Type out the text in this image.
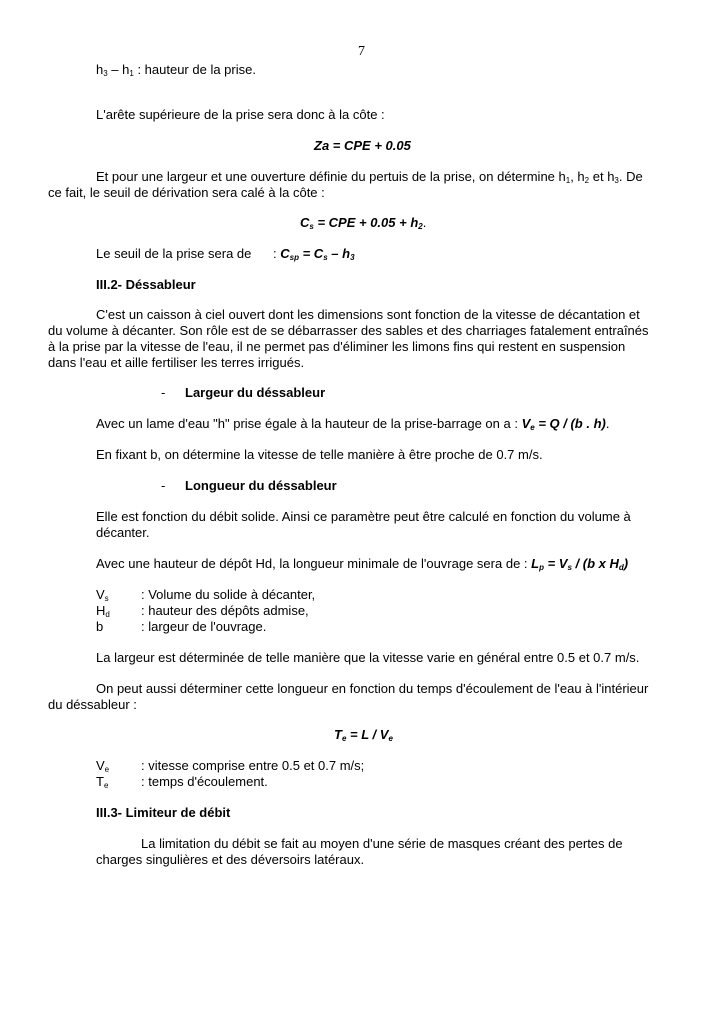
7
$h_3 - h_1$ : hauteur de la prise.
L'arête supérieure de la prise sera donc à la côte :
Za = CPE + 0.05
Et pour une largeur et une ouverture définie du pertuis de la prise, on détermine $h_1$, $h_2$ et $h_3$. De
ce fait, le seuil de dérivation sera calé à la côte :
$C_s$ = CPE + $0.05 + h_2$.
Le seuil de la prise sera de : $C_{sp} = C_s - h_3$
III.2- Déssableur
C'est un caisson à ciel ouvert dont les dimensions sont fonction de la vitesse de décantation et
du volume à décanter. Son rôle est de se débarrasser des sables et des charriages fatalement entraînés
à la prise par la vitesse de l'eau, il ne permet pas d'éliminer les limons fins qui restent en suspension
dans l'eau et aille fertiliser les terres irrigués.
- Largeur du déssableur
Avec un lame d'eau "h" prise égale à la hauteur de la prise-barrage on a : $V_e = Q / (b$ . h).
En fixant b, on détermine la vitesse de telle manière à être proche de 0.7 m/s.
- Longueur du déssableur
Elle est fonction du débit solide. Ainsi ce paramètre peut être calculé en fonction du volume à
décanter.
Avec une hauteur de dépôt Hd, la longueur minimale de l'ouvrage sera de : $L_p = V_s / (b$ x $H_d$)
$V_s$ : Volume du solide à décanter,
$H_d$ : hauteur des dépôts admise,
b	: largeur de l'ouvrage.
La largeur est déterminée de telle manière que la vitesse varie en général entre 0.5 et 0.7 m/s.
On peut aussi déterminer cette longueur en fonction du temps d'écoulement de l'eau à l'intérieur
du déssableur :
$T_e = L / V_e$
$V_e$ : vitesse comprise entre 0.5 et 0.7 m/s;
$T_e$	: temps d'écoulement.
III.3- Limiteur de débit
La limitation du débit se fait au moyen d'une série de masques créant des pertes de
charges singulières et des déversoirs latéraux.
